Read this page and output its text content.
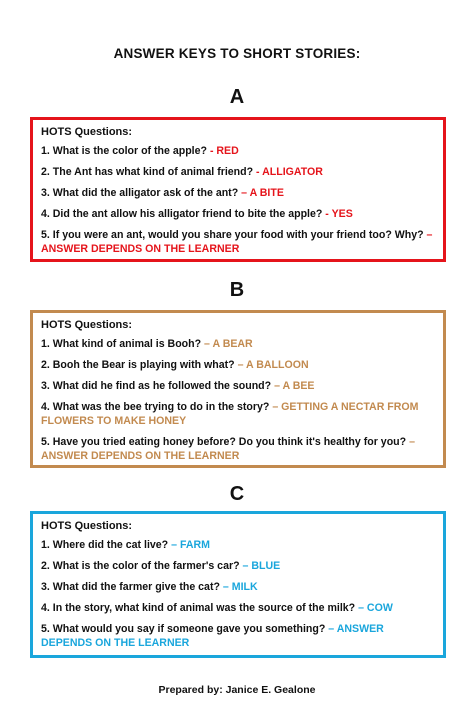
ANSWER KEYS TO SHORT STORIES:
A
HOTS Questions:
1. What is the color of the apple? - RED
2. The Ant has what kind of animal friend? - ALLIGATOR
3. What did the alligator ask of the ant? – A BITE
4. Did the ant allow his alligator friend to bite the apple? - YES
5. If you were an ant, would you share your food with your friend too? Why? – ANSWER DEPENDS ON THE LEARNER
B
HOTS Questions:
1. What kind of animal is Booh? – A BEAR
2. Booh the Bear is playing with what? – A BALLOON
3. What did he find as he followed the sound? – A BEE
4. What was the bee trying to do in the story? – GETTING A NECTAR FROM FLOWERS TO MAKE HONEY
5. Have you tried eating honey before? Do you think it's healthy for you? – ANSWER DEPENDS ON THE LEARNER
C
HOTS Questions:
1. Where did the cat live? – FARM
2. What is the color of the farmer's car? – BLUE
3. What did the farmer give the cat? – MILK
4. In the story, what kind of animal was the source of the milk? – COW
5. What would you say if someone gave you something? – ANSWER DEPENDS ON THE LEARNER
Prepared by: Janice E. Gealone
